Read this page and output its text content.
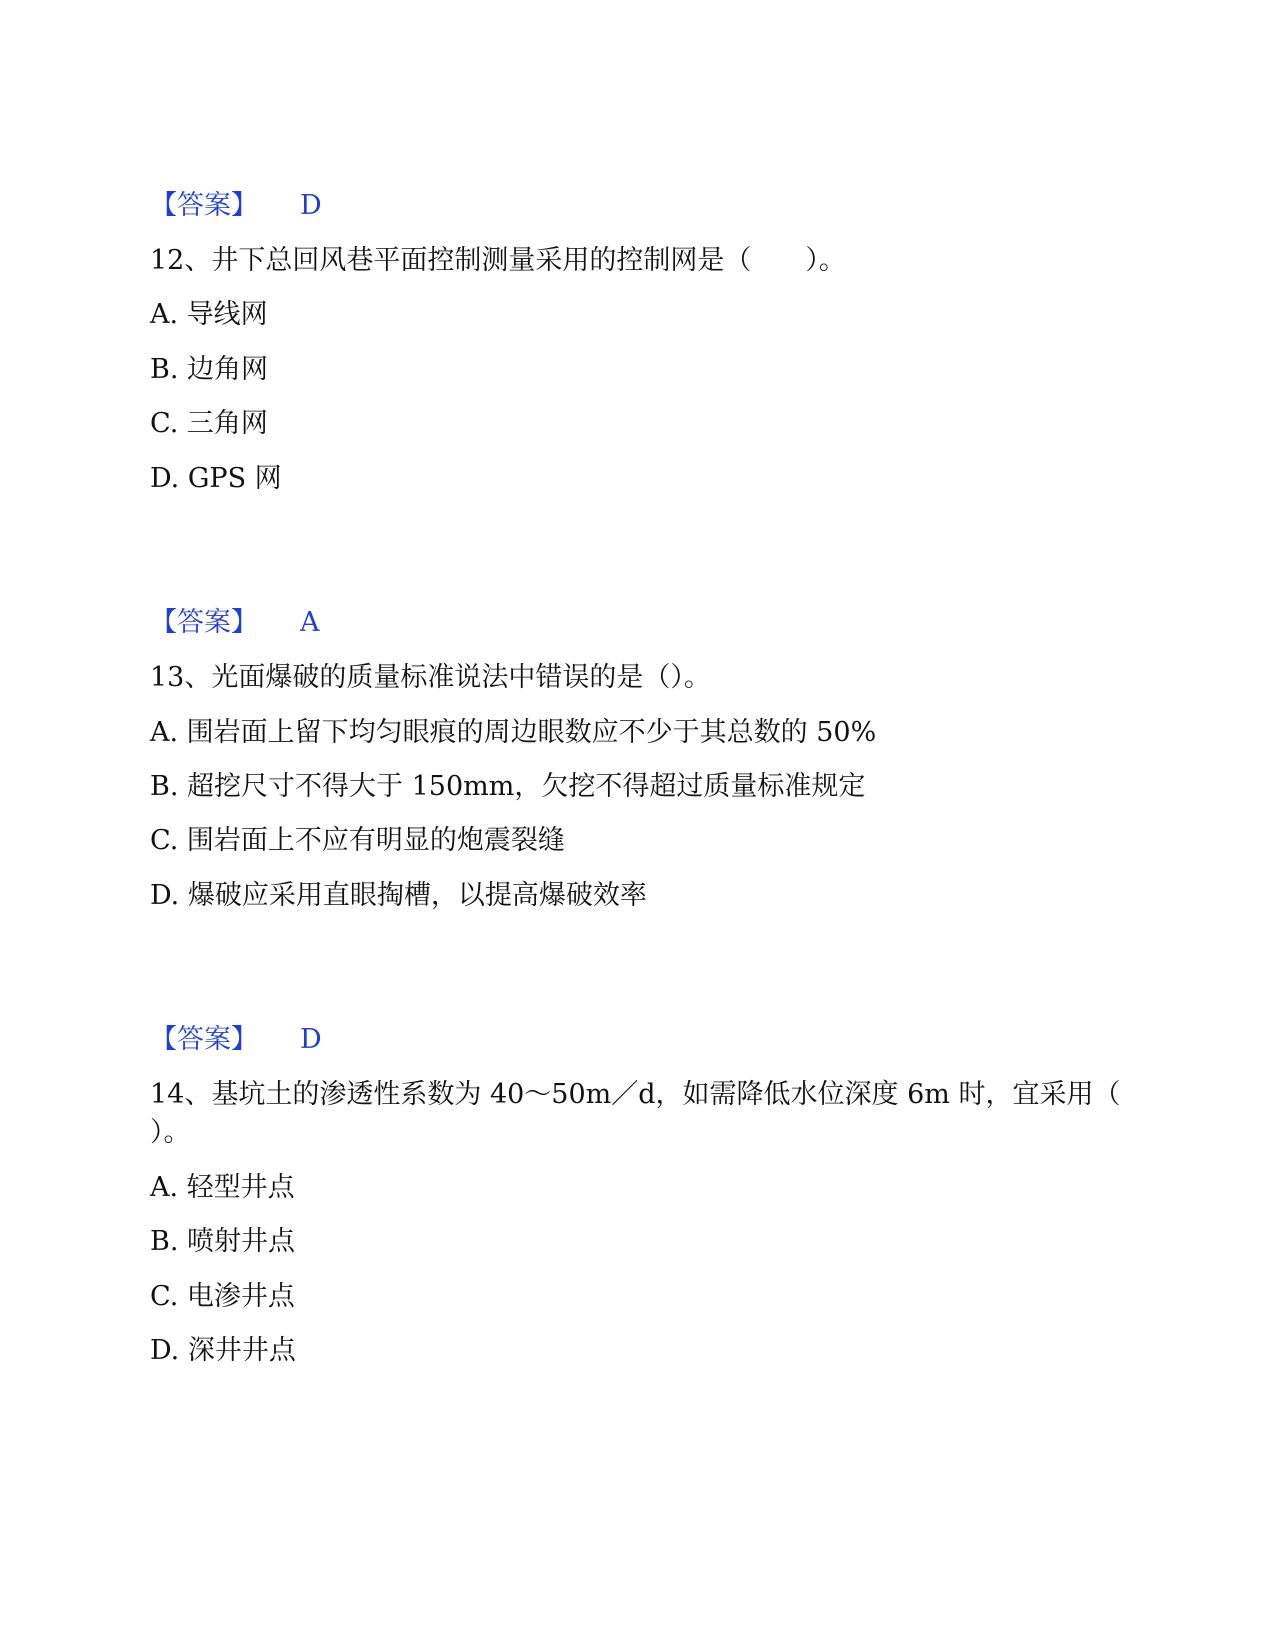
【答案】 D
12、井下总回风巷平面控制测量采用的控制网是（　　）。
A. 导线网
B. 边角网
C. 三角网
D. GPS 网
【答案】 A
13、光面爆破的质量标准说法中错误的是（）。
A. 围岩面上留下均匀眼痕的周边眼数应不少于其总数的 50%
B. 超挖尺寸不得大于 150mm，欠挖不得超过质量标准规定
C. 围岩面上不应有明显的炮震裂缝
D. 爆破应采用直眼掏槽，以提高爆破效率
【答案】 D
14、基坑土的渗透性系数为 40～50m／d，如需降低水位深度 6m 时，宜采用（
）。
A. 轻型井点
B. 喷射井点
C. 电渗井点
D. 深井井点
